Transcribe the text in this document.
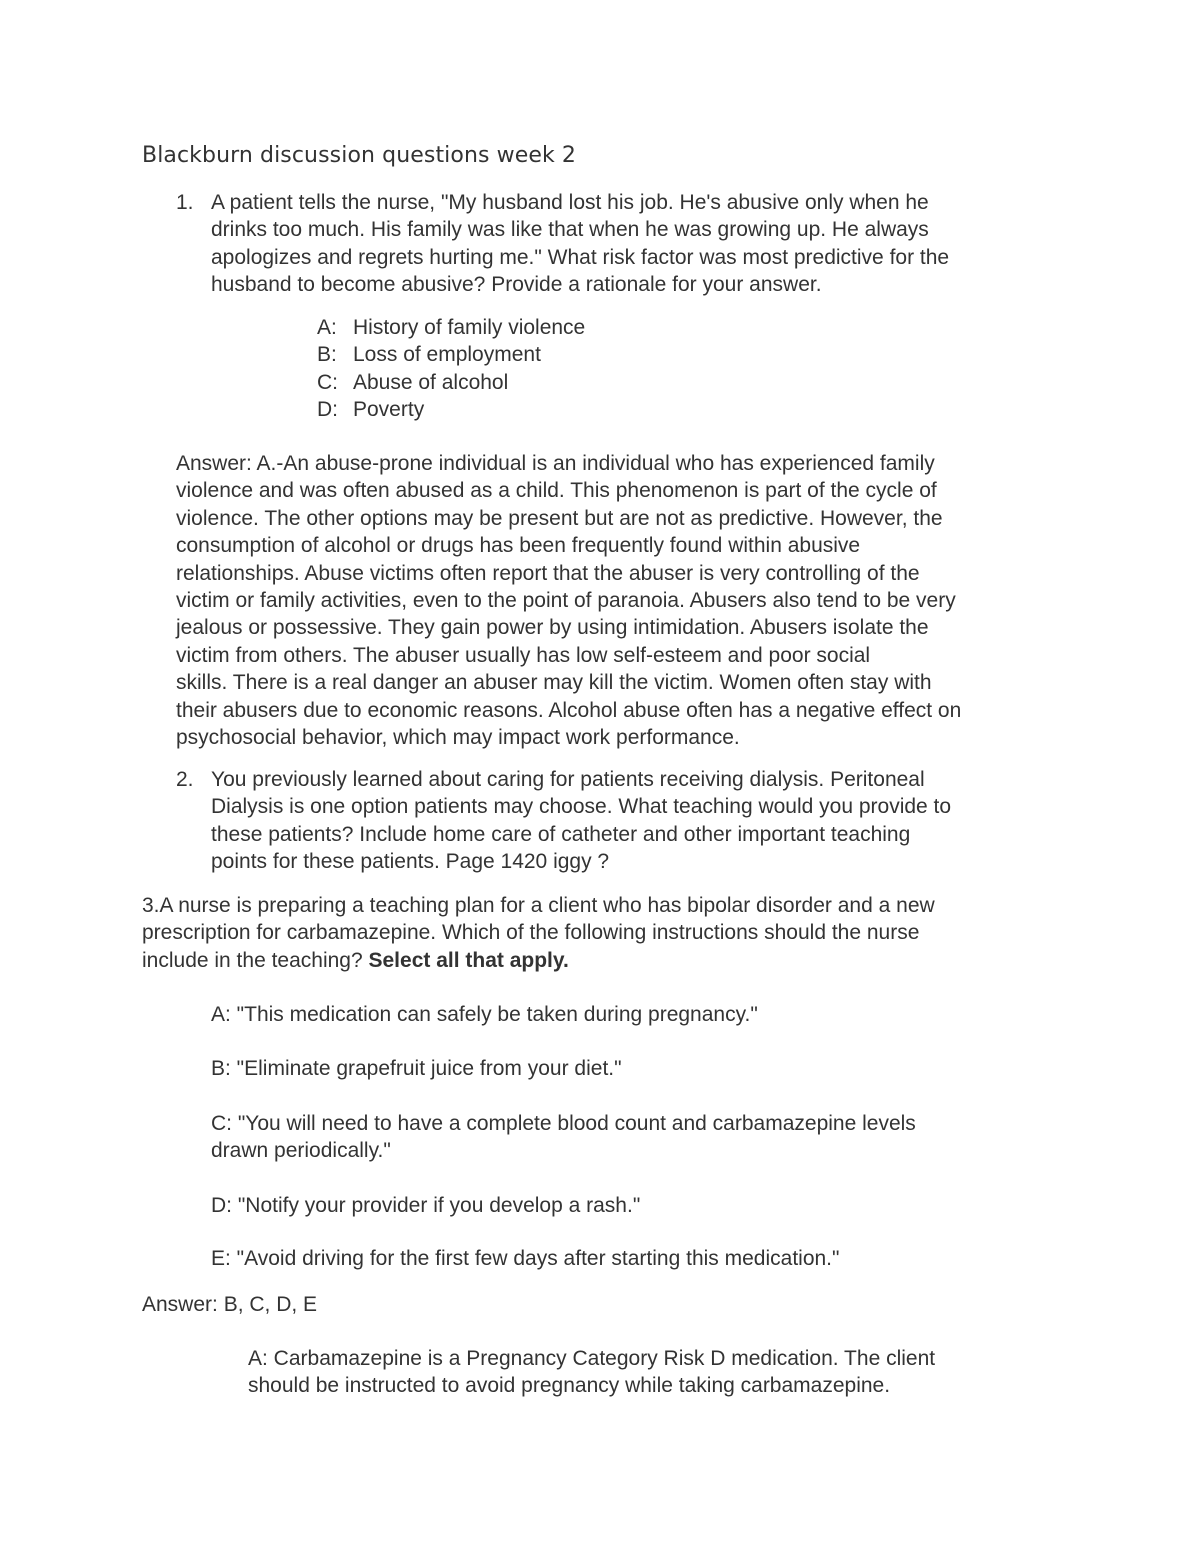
Blackburn discussion questions week 2
1. A patient tells the nurse, "My husband lost his job. He's abusive only when he
drinks too much. His family was like that when he was growing up. He always
apologizes and regrets hurting me." What risk factor was most predictive for the
husband to become abusive? Provide a rationale for your answer.
A: History of family violence
B: Loss of employment
C: Abuse of alcohol
D: Poverty
Answer: A.-An abuse-prone individual is an individual who has experienced family
violence and was often abused as a child. This phenomenon is part of the cycle of
violence. The other options may be present but are not as predictive. However, the
consumption of alcohol or drugs has been frequently found within abusive
relationships. Abuse victims often report that the abuser is very controlling of the
victim or family activities, even to the point of paranoia. Abusers also tend to be very
jealous or possessive. They gain power by using intimidation. Abusers isolate the
victim from others. The abuser usually has low self-esteem and poor social
skills. There is a real danger an abuser may kill the victim. Women often stay with
their abusers due to economic reasons. Alcohol abuse often has a negative effect on
psychosocial behavior, which may impact work performance.
2. You previously learned about caring for patients receiving dialysis. Peritoneal
Dialysis is one option patients may choose. What teaching would you provide to
these patients? Include home care of catheter and other important teaching
points for these patients. Page 1420 iggy ?
3.A nurse is preparing a teaching plan for a client who has bipolar disorder and a new
prescription for carbamazepine. Which of the following instructions should the nurse
include in the teaching? Select all that apply.
A: "This medication can safely be taken during pregnancy."
B: "Eliminate grapefruit juice from your diet."
C: "You will need to have a complete blood count and carbamazepine levels
drawn periodically."
D: "Notify your provider if you develop a rash."
E: "Avoid driving for the first few days after starting this medication."
Answer: B, C, D, E
A: Carbamazepine is a Pregnancy Category Risk D medication. The client
should be instructed to avoid pregnancy while taking carbamazepine.
